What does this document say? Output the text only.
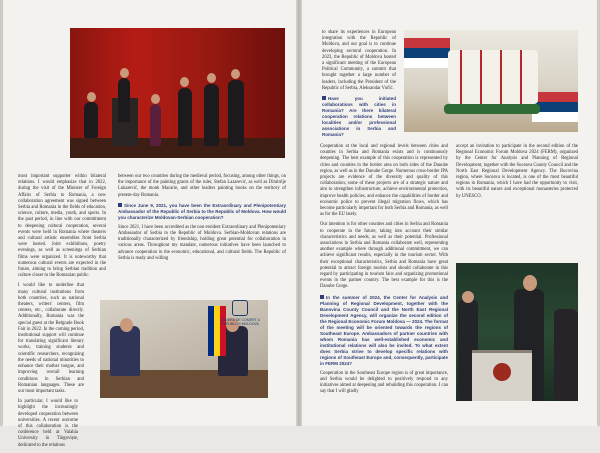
most important supporter within bilateral relations. I would emphasize that in 2022, during the visit of the Minister of Foreign Affairs of Serbia to Romania, a new collaboration agreement was signed between Serbia and Romania in the fields of education, science, culture, media, youth, and sports. In the past period, in line with our commitment to deepening cultural cooperation, several events were held in Romania where theaters and cultural artistic ensembles from Serbia were hosted. Joint exhibitions, poetry evenings, as well as screenings of Serbian films were organized. It is noteworthy that numerous cultural events are expected in the future, aiming to bring Serbian tradition and culture closer to the Romanian public.

I would like to underline that many cultural institutions from both countries, such as national theaters, writers' centers, film centers, etc., collaborate directly. Additionally, Romania was the special guest at the Belgrade Book Fair in 2022. In the coming period, institutional support will continue for translating significant literary works, training students and scientific researchers, recognizing the needs of national minorities to enhance their mother tongue, and improving overall learning conditions in Serbian and Romanian languages. These are our most important tasks.

In particular, I would like to highlight the increasingly developed cooperation between universities. A recent outcome of this collaboration is the conference held at Valahia University in Târgoviște, dedicated to the relations

between our two countries during the medieval period, focusing, among other things, on the importance of the painting grants of the ruler, Stefan Lazarević, as well as Dimitrije Lukarević, the monk Macarie, and other leaders painting books on the territory of present-day Romania.

Since June 9, 2021, you have been the Extraordinary and Plenipotentiary Ambassador of the Republic of Serbia to the Republic of Moldova. How would you characterize Moldovan-Serbian cooperation?

Since 2021, I have been accredited as the non-resident Extraordinary and Plenipotentiary Ambassador of Serbia to the Republic of Moldova. Serbian-Moldovan relations are traditionally characterized by friendship, holding great potential for collaboration in various areas. Throughout my mandate, numerous initiatives have been launched to advance cooperation in the economic, educational, and cultural fields. The Republic of Serbia is ready and willing

CAMERA DE COMERȚ A REPUBLICII MOLDOVA

to share its experiences in European integration with the Republic of Moldova, and our goal is to continue developing sectoral cooperation. In 2023, the Republic of Moldova hosted a significant meeting of the European Political Community, a summit that brought together a large number of leaders, including the President of the Republic of Serbia, Aleksandar Vučić.

Have you initiated collaborations with cities in Romania? Are there bilateral cooperation relations between localities and/or professional associations in Serbia and Romania?

Cooperation at the local and regional levels between cities and counties in Serbia and Romania exists and is continuously deepening. The best example of this cooperation is represented by cities and counties in the border area on both sides of the Danube region, as well as in the Danube Gorge. Numerous cross-border IPA projects are evidence of the diversity and quality of this collaboration; some of these projects are of a strategic nature and aim to strengthen infrastructure, achieve environmental protection, improve health policies, and enhance the capabilities of border and economic police to prevent illegal migration flows, which has become particularly important for both Serbia and Romania, as well as for the EU lately.

Our intention is for other counties and cities in Serbia and Romania to cooperate in the future, taking into account their similar characteristics and needs, as well as their potential. Professional associations in Serbia and Romania collaborate well, representing another example where through additional commitment, we can achieve significant results, especially in the tourism sector. With their exceptional characteristics, Serbia and Romania have great potential to attract foreign tourists and should collaborate in this regard by participating in tourism fairs and organizing promotional events in the partner country. The best example for this is the Danube Gorge.

In the summer of 2024, the Center for Analysis and Planning of Regional Development, together with the Banovina County Council and the North East Regional Development Agency, will organize the second edition of the Regional Economic Forum Moldova — 2024. The format of the meeting will be oriented towards the regions of Southeast Europe. Ambassadors of partner countries with whom Romania has well-established economic and institutional relations will also be invited. To what extent does Serbia strive to develop specific relations with regions of Southeast Europe and, consequently, participate in FERM 2024?

Cooperation in the Southeast Europe region is of great importance, and Serbia would be delighted to positively respond to any initiatives aimed at deepening and rebuilding this cooperation. I can say that I will gladly

accept an invitation to participate in the second edition of the Regional Economic Forum Moldova 2024 (FERM), organized by the Center for Analysis and Planning of Regional Development, together with the Suceava County Council and the North East Regional Development Agency. The Bucovina region, where Suceava is located, is one of the most beautiful regions in Romania, which I have had the opportunity to visit, with its beautiful nature and exceptional monasteries protected by UNESCO.
